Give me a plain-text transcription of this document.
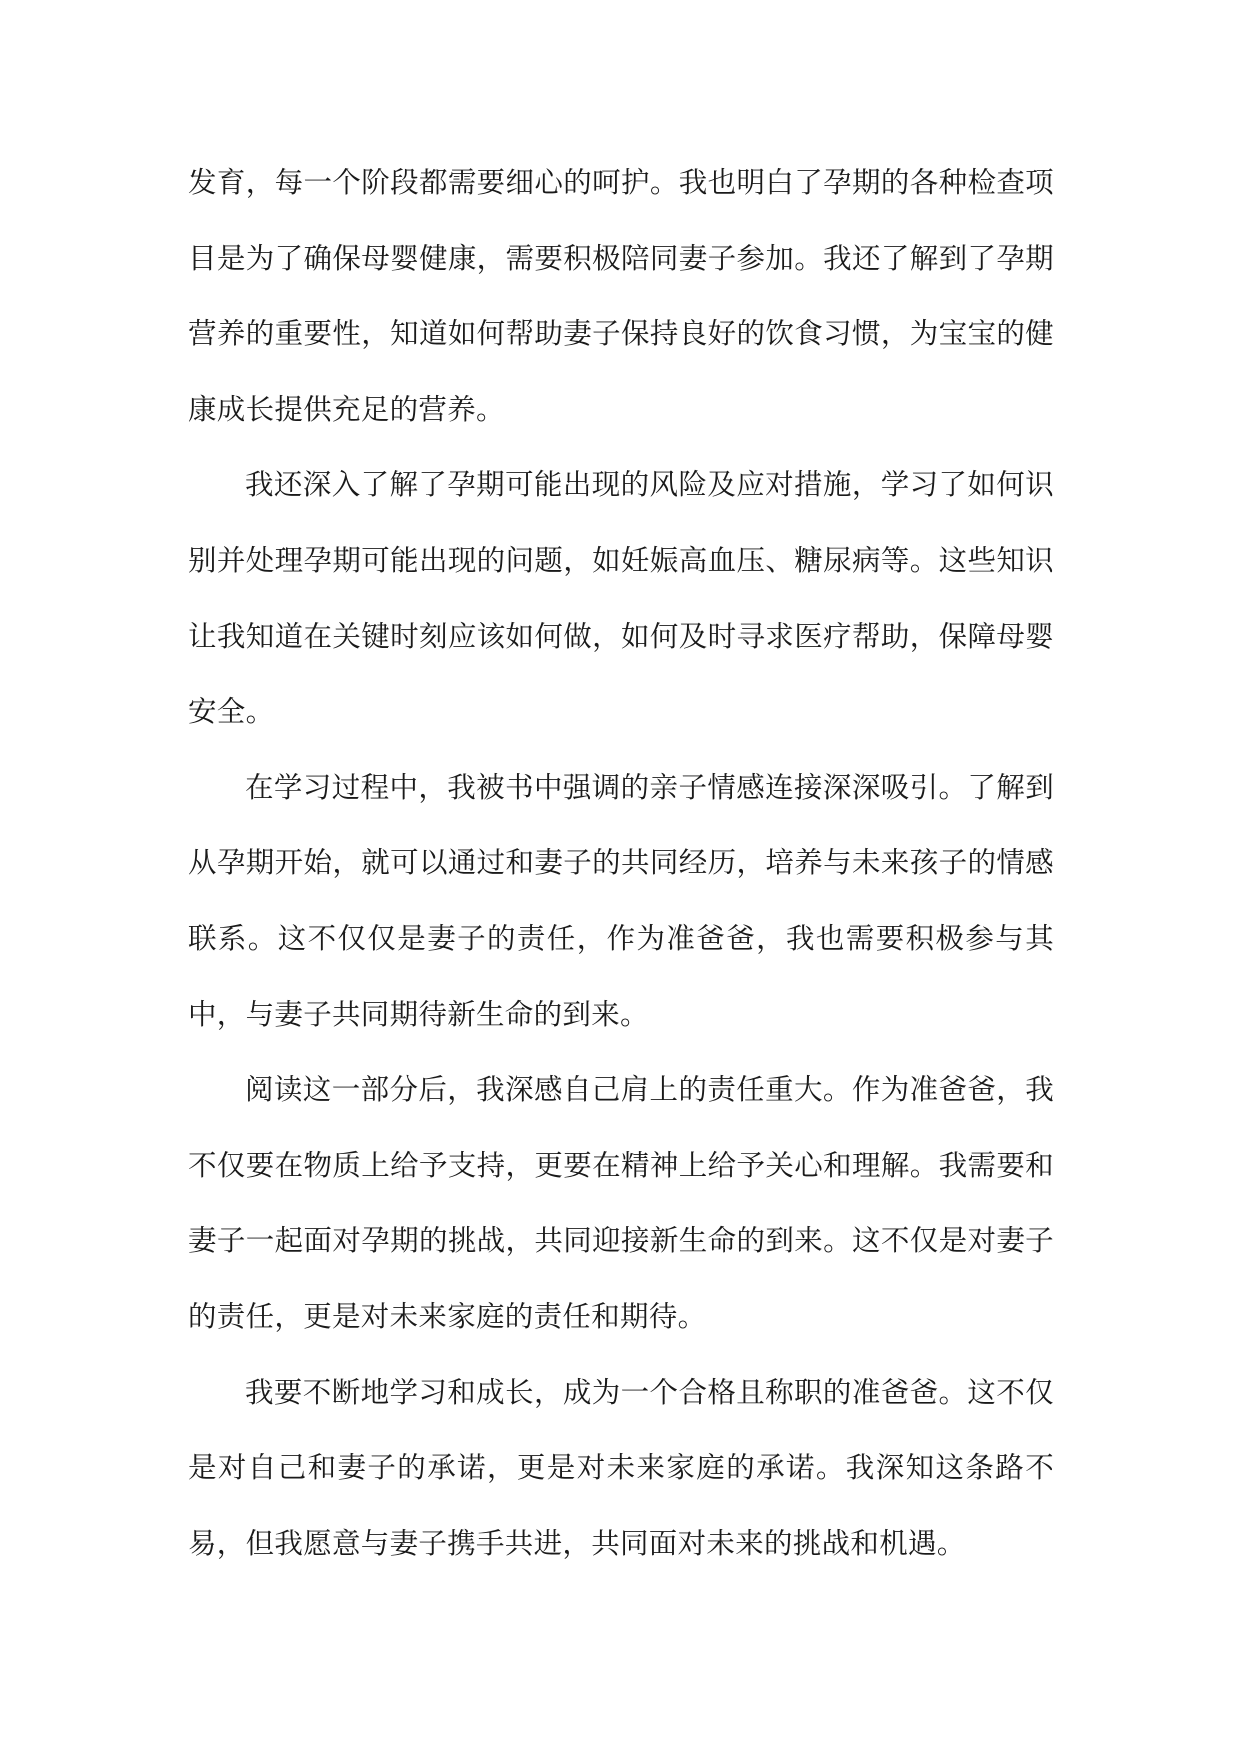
发育，每一个阶段都需要细心的呵护。我也明白了孕期的各种检查项目是为了确保母婴健康，需要积极陪同妻子参加。我还了解到了孕期营养的重要性，知道如何帮助妻子保持良好的饮食习惯，为宝宝的健康成长提供充足的营养。

我还深入了解了孕期可能出现的风险及应对措施，学习了如何识别并处理孕期可能出现的问题，如妊娠高血压、糖尿病等。这些知识让我知道在关键时刻应该如何做，如何及时寻求医疗帮助，保障母婴安全。

在学习过程中，我被书中强调的亲子情感连接深深吸引。了解到从孕期开始，就可以通过和妻子的共同经历，培养与未来孩子的情感联系。这不仅仅是妻子的责任，作为准爸爸，我也需要积极参与其中，与妻子共同期待新生命的到来。

阅读这一部分后，我深感自己肩上的责任重大。作为准爸爸，我不仅要在物质上给予支持，更要在精神上给予关心和理解。我需要和妻子一起面对孕期的挑战，共同迎接新生命的到来。这不仅是对妻子的责任，更是对未来家庭的责任和期待。

我要不断地学习和成长，成为一个合格且称职的准爸爸。这不仅是对自己和妻子的承诺，更是对未来家庭的承诺。我深知这条路不易，但我愿意与妻子携手共进，共同面对未来的挑战和机遇。
